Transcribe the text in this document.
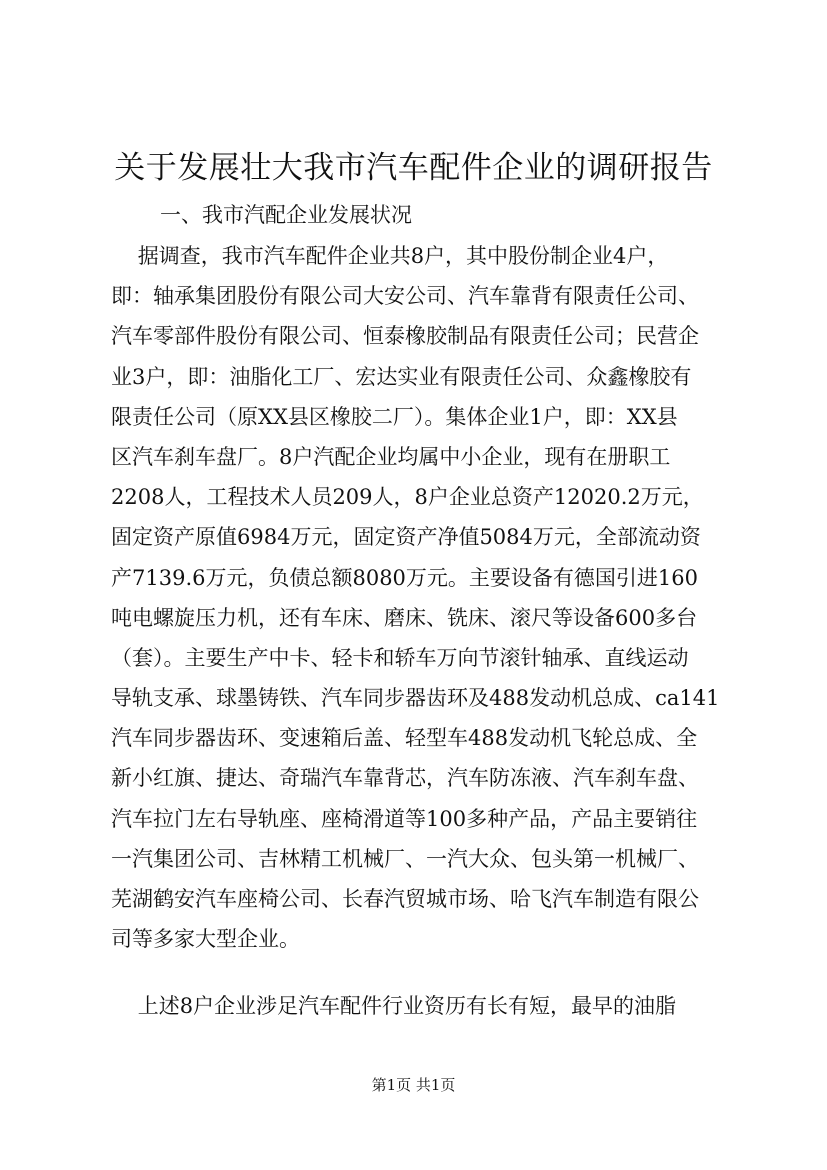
关于发展壮大我市汽车配件企业的调研报告
一、我市汽配企业发展状况
据调查，我市汽车配件企业共8户，其中股份制企业4户，
即：轴承集团股份有限公司大安公司、汽车靠背有限责任公司、
汽车零部件股份有限公司、恒泰橡胶制品有限责任公司；民营企
业3户，即：油脂化工厂、宏达实业有限责任公司、众鑫橡胶有
限责任公司（原XX县区橡胶二厂）。集体企业1户，即：XX县
区汽车刹车盘厂。8户汽配企业均属中小企业，现有在册职工
2208人，工程技术人员209人，8户企业总资产12020.2万元，
固定资产原值6984万元，固定资产净值5084万元，全部流动资
产7139.6万元，负债总额8080万元。主要设备有德国引进160
吨电螺旋压力机，还有车床、磨床、铣床、滚尺等设备600多台
（套）。主要生产中卡、轻卡和轿车万向节滚针轴承、直线运动
导轨支承、球墨铸铁、汽车同步器齿环及488发动机总成、ca141
汽车同步器齿环、变速箱后盖、轻型车488发动机飞轮总成、全
新小红旗、捷达、奇瑞汽车靠背芯，汽车防冻液、汽车刹车盘、
汽车拉门左右导轨座、座椅滑道等100多种产品，产品主要销往
一汽集团公司、吉林精工机械厂、一汽大众、包头第一机械厂、
芜湖鹤安汽车座椅公司、长春汽贸城市场、哈飞汽车制造有限公
司等多家大型企业。
上述8户企业涉足汽车配件行业资历有长有短，最早的油脂
第1页 共1页
